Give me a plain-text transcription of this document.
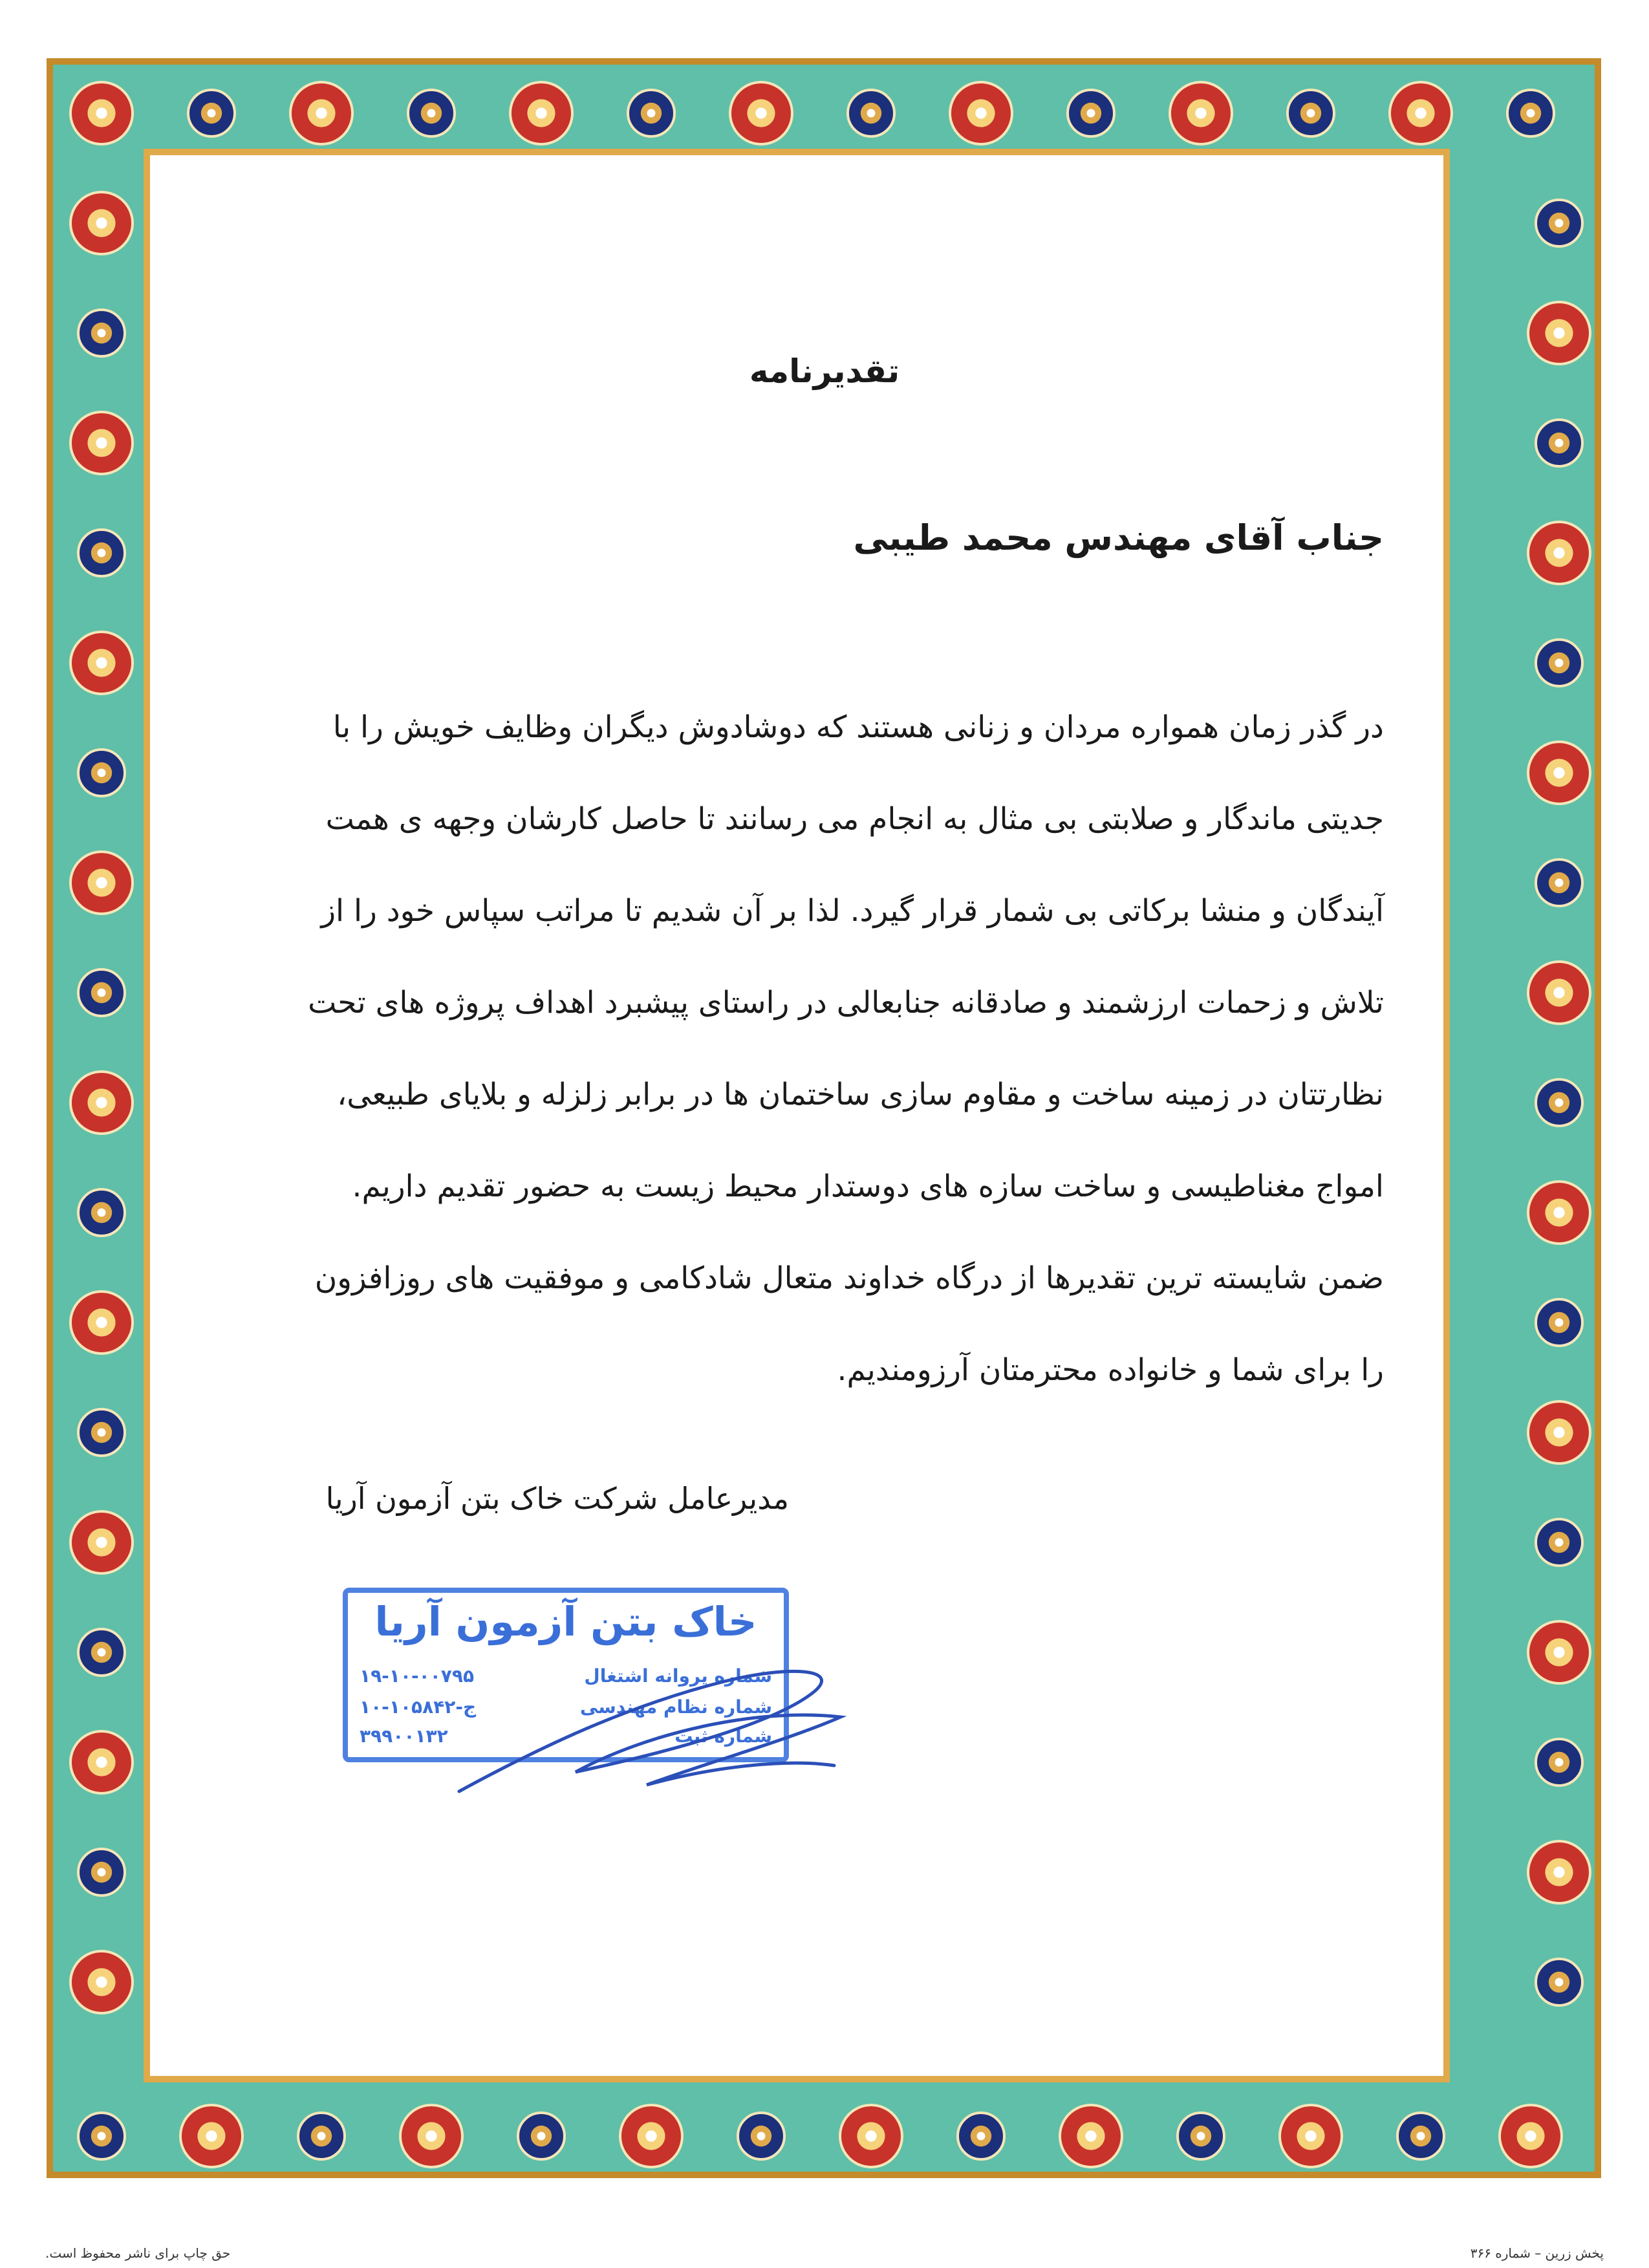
تقدیرنامه
جناب آقای مهندس محمد طیبی
در گذر زمان همواره مردان و زنانی هستند که دوشادوش دیگران وظایف خویش را با
جدیتی ماندگار و صلابتی بی مثال به انجام می رسانند تا حاصل کارشان وجهه ی همت
آیندگان و منشا برکاتی بی شمار قرار گیرد. لذا بر آن شدیم تا مراتب سپاس خود را از
تلاش و زحمات ارزشمند و صادقانه جنابعالی در راستای پیشبرد اهداف پروژه های تحت
نظارتتان در زمینه ساخت و مقاوم سازی ساختمان ها در برابر زلزله و بلایای طبیعی،
امواج مغناطیسی و ساخت سازه های دوستدار محیط زیست به حضور تقدیم داریم.
ضمن شایسته ترین تقدیرها از درگاه خداوند متعال شادکامی و موفقیت های روزافزون
را برای شما و خانواده محترمتان آرزومندیم.
مدیرعامل شرکت خاک بتن آزمون آریا
خاک بتن آزمون آریا
شماره پروانه اشتغال
۱۹-۱۰-۰۰۷۹۵
شماره نظام مهندسی
۱۰-ج-۱۰۵۸۴۲
شماره ثبت
۳۹۹۰۰۱۳۲
حق چاپ برای ناشر محفوظ است.	پخش زرین – شماره ۳۶۶
